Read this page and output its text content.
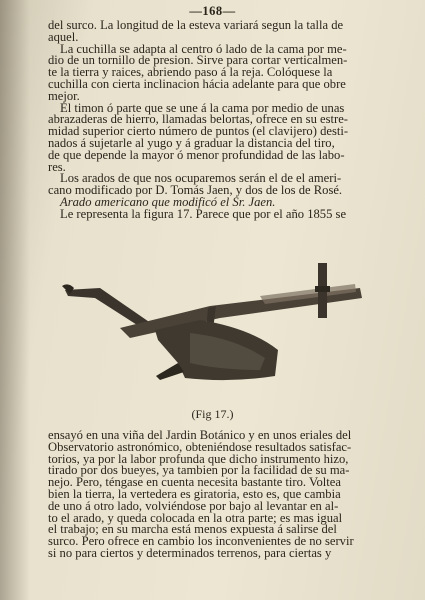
—168—
del surco. La longitud de la esteva variará segun la talla de
aquel.
La cuchilla se adapta al centro ó lado de la cama por me-
dio de un tornillo de presion. Sirve para cortar verticalmen-
te la tierra y raices, abriendo paso á la reja. Colóquese la
cuchilla con cierta inclinacion hácia adelante para que obre
mejor.
El timon ó parte que se une á la cama por medio de unas
abrazaderas de hierro, llamadas belortas, ofrece en su estre-
midad superior cierto número de puntos (el clavijero) desti-
nados á sujetarle al yugo y á graduar la distancia del tiro,
de que depende la mayor ó menor profundidad de las labo-
res.
Los arados de que nos ocuparemos serán el de el ameri-
cano modificado por D. Tomás Jaen, y dos de los de Rosé.
Arado americano que modificó el Sr. Jaen.
Le representa la figura 17. Parece que por el año 1855 se
(Fig 17.)
ensayó en una viña del Jardin Botánico y en unos eriales del
Observatorio astronómico, obteniéndose resultados satisfac-
torios, ya por la labor profunda que dicho instrumento hizo,
tirado por dos bueyes, ya tambien por la facilidad de su ma-
nejo. Pero, téngase en cuenta necesita bastante tiro. Voltea
bien la tierra, la vertedera es giratoria, esto es, que cambia
de uno á otro lado, volviéndose por bajo al levantar en al-
to el arado, y queda colocada en la otra parte; es mas igual
el trabajo; en su marcha está menos expuesta á salirse del
surco. Pero ofrece en cambio los inconvenientes de no servir
si no para ciertos y determinados terrenos, para ciertas y
